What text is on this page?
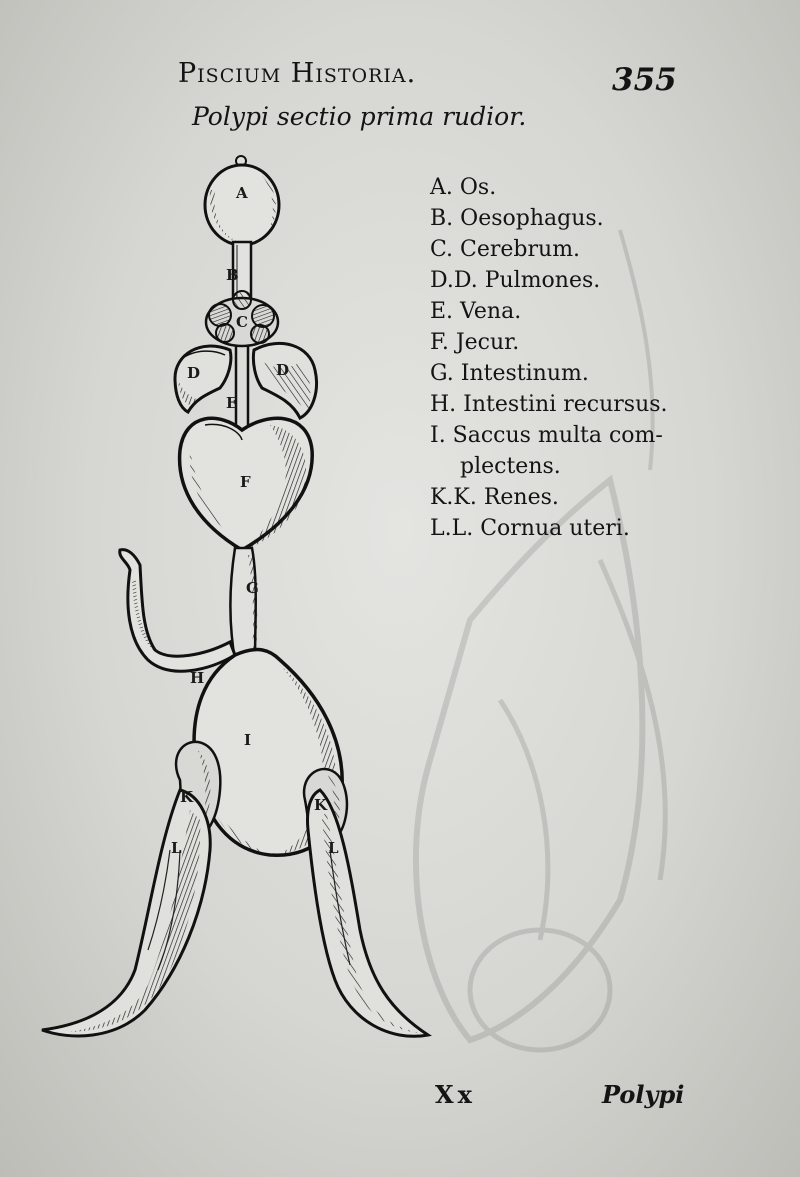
Piscium Historia.	355
Polypi sectio prima rudior.
A. Os.
B. Oesophagus.
C. Cerebrum.
D.D. Pulmones.
E. Vena.
F. Jecur.
G. Intestinum.
H. Intestini recursus.
I. Saccus multa com-
plectens.
K.K. Renes.
L.L. Cornua uteri.
A
B
C
D	D
E
F
G
H
I
K	K
L	L
Xx	Polypi
